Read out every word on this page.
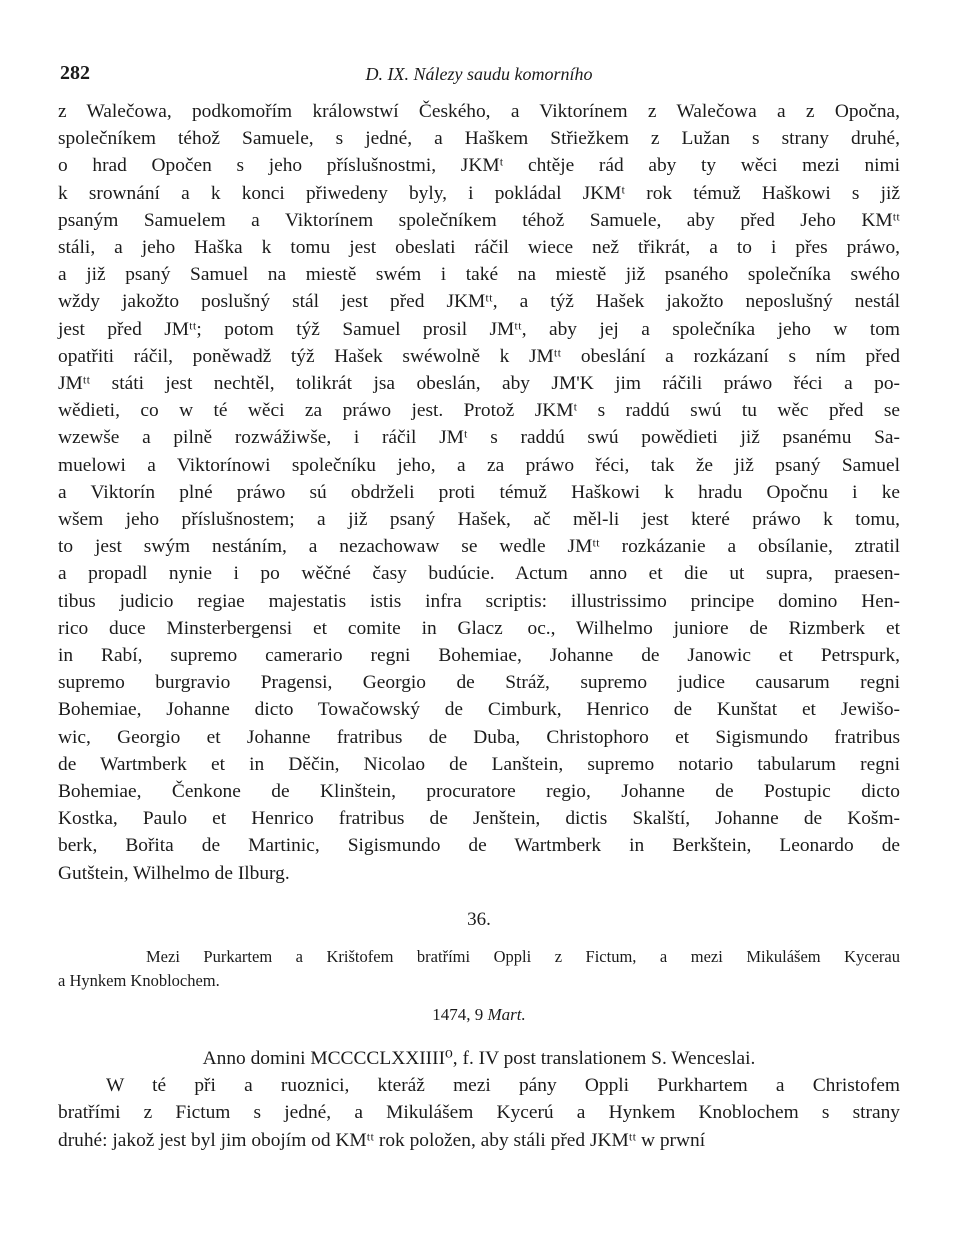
282	D. IX. Nálezy saudu komorního

z Walečowa, podkomořím králowstwí Českého, a Viktorínem z Walečowa a z Opočna,
společníkem téhož Samuele, s jedné, a Haškem Střiežkem z Lužan s strany druhé,
o hrad Opočen s jeho příslušnostmi, JKMᵗ chtěje rád aby ty wěci mezi nimi
k srownání a k konci přiwedeny byly, i pokládal JKMᵗ rok témuž Haškowi s již
psaným Samuelem a Viktorínem společníkem téhož Samuele, aby před Jeho KMᵗᵗ
stáli, a jeho Haška k tomu jest obeslati ráčil wiece než třikrát, a to i přes práwo,
a již psaný Samuel na miestě swém i také na miestě již psaného společníka swého
wždy jakožto poslušný stál jest před JKMᵗᵗ, a týž Hašek jakožto neposlušný nestál
jest před JMᵗᵗ; potom týž Samuel prosil JMᵗᵗ, aby jej a společníka jeho w tom
opatřiti ráčil, poněwadž týž Hašek swéwolně k JMᵗᵗ obeslání a rozkázaní s ním před
JMᵗᵗ státi jest nechtěl, tolikrát jsa obeslán, aby JM'K jim ráčili práwo řéci a po-
wědieti, co w té wěci za práwo jest. Protož JKMᵗ s raddú swú tu wěc před se
wzewše a pilně rozwážiwše, i ráčil JMᵗ s raddú swú powědieti již psanému Sa-
muelowi a Viktorínowi společníku jeho, a za práwo řéci, tak že již psaný Samuel
a Viktorín plné práwo sú obdrželi proti témuž Haškowi k hradu Opočnu i ke
wšem jeho příslušnostem; a již psaný Hašek, ač měl-li jest které práwo k tomu,
to jest swým nestáním, a nezachowaw se wedle JMᵗᵗ rozkázanie a obsílanie, ztratil
a propadl nynie i po wěčné časy budúcie. Actum anno et die ut supra, praesen-
tibus judicio regiae majestatis istis infra scriptis: illustrissimo principe domino Hen-
rico duce Minsterbergensi et comite in Glacz  oc., Wilhelmo juniore de Rizmberk et
in Rabí, supremo camerario regni Bohemiae, Johanne de Janowic et Petrspurk,
supremo burgravio Pragensi, Georgio de Stráž, supremo judice causarum regni
Bohemiae, Johanne dicto Towačowský de Cimburk, Henrico de Kunštat et Jewišo-
wic, Georgio et Johanne fratribus de Duba, Christophoro et Sigismundo fratribus
de Wartmberk et in Děčin, Nicolao de Lanštein, supremo notario tabularum regni
Bohemiae, Čenkone de Klinštein, procuratore regio, Johanne de Postupic dicto
Kostka, Paulo et Henrico fratribus de Jenštein, dictis Skalští, Johanne de Košm-
berk, Bořita de Martinic, Sigismundo de Wartmberk in Berkštein, Leonardo de
Gutštein, Wilhelmo de Ilburg.

36.
Mezi Purkartem a Krištofem bratřími Oppli z Fictum, a mezi Mikulášem Kycerau
a Hynkem Knoblochem.
1474, 9 Mart.

Anno domini MCCCCLXXIIII⁰, f. IV post translationem S. Wenceslai.
W té při a ruoznici, kteráž mezi pány Oppli Purkhartem a Christofem
bratřími z Fictum s jedné, a Mikulášem Kycerú a Hynkem Knoblochem s strany
druhé: jakož jest byl jim obojím od KMᵗᵗ rok položen, aby stáli před JKMᵗᵗ w prwní
